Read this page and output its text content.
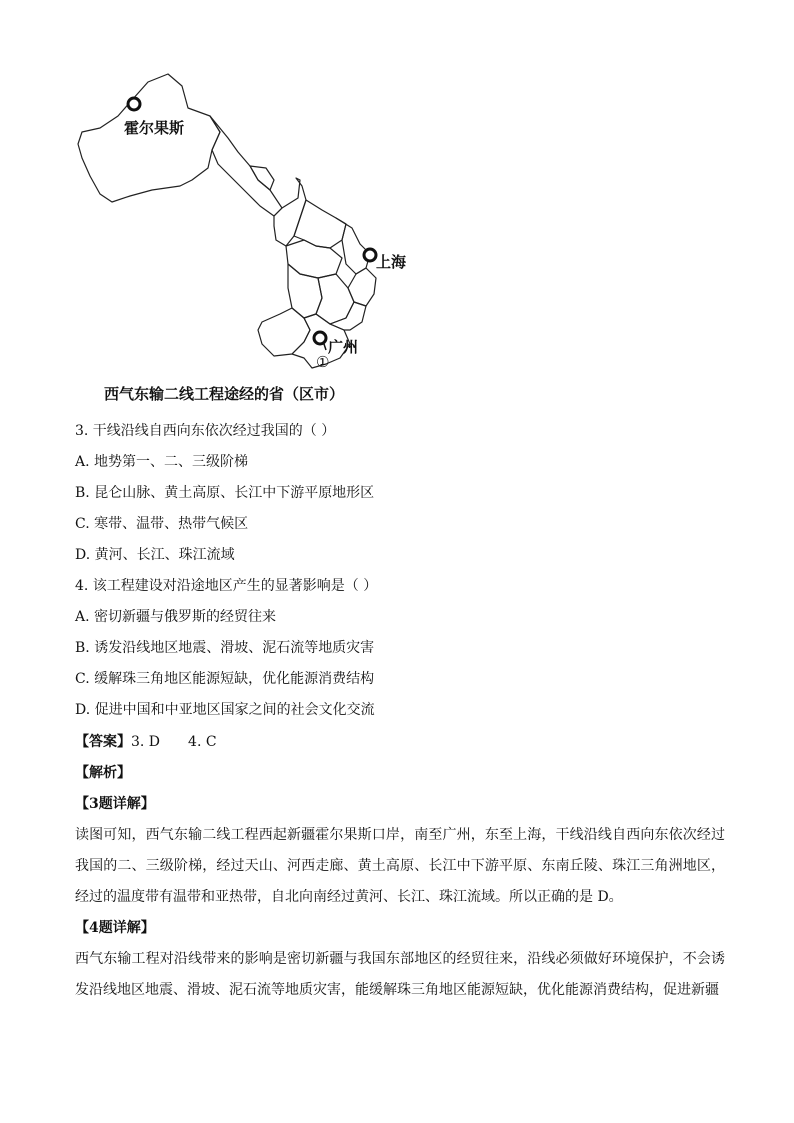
霍尔果斯
上海
广州
①
西气东输二线工程途经的省（区市）
3. 干线沿线自西向东依次经过我国的（ ）
A. 地势第一、二、三级阶梯
B. 昆仑山脉、黄土高原、长江中下游平原地形区
C. 寒带、温带、热带气候区
D. 黄河、长江、珠江流域
4. 该工程建设对沿途地区产生的显著影响是（ ）
A. 密切新疆与俄罗斯的经贸往来
B. 诱发沿线地区地震、滑坡、泥石流等地质灾害
C. 缓解珠三角地区能源短缺，优化能源消费结构
D. 促进中国和中亚地区国家之间的社会文化交流
【答案】3. D 4. C
【解析】
【3题详解】
读图可知，西气东输二线工程西起新疆霍尔果斯口岸，南至广州，东至上海，干线沿线自西向东依次经过我国的二、三级阶梯，经过天山、河西走廊、黄土高原、长江中下游平原、东南丘陵、珠江三角洲地区，经过的温度带有温带和亚热带，自北向南经过黄河、长江、珠江流域。所以正确的是 D。
【4题详解】
西气东输工程对沿线带来的影响是密切新疆与我国东部地区的经贸往来，沿线必须做好环境保护，不会诱发沿线地区地震、滑坡、泥石流等地质灾害，能缓解珠三角地区能源短缺，优化能源消费结构，促进新疆
